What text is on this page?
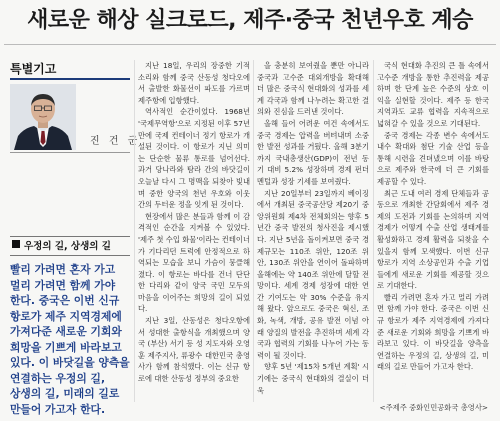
새로운 해상 실크로드, 제주·중국 천년우호 계승
특별기고
진 건 군
우정의 길, 상생의 길
빨리 가려면 혼자 가고 멀리 가려면 함께 가야 한다. 중국은 이번 신규 항로가 제주 지역경제에 가져다준 새로운 기회와 희망을 기쁘게 바라보고 있다. 이 바닷길을 양측을 연결하는 우정의 길, 상생의 길, 미래의 길로 만들어 가고자 한다.

지난 18일, 우리의 장중한 기적 소리와 함께 중국 산동성 청다오에서 출발한 화물선이 파도를 가르며 제주항에 입항했다.

역사적인 순간이었다. 1968년 '국제무역항'으로 지정된 이후 57년 만에 국제 컨테이너 정기 항로가 개설된 것이다. 이 항로가 지닌 의미는 단순한 물류 통로를 넘어선다. 과거 당나라와 탐라 간의 바닷길이 오늘날 다시 그 명맥을 되찾아 빛내며 중한 양국의 천년 우호와 이웃 간의 두터운 정을 잇게 된 것이다.

현장에서 많은 분들과 함께 이 감격적인 순간을 지켜볼 수 있었다. '제주 첫 수입 화물'이라는 컨테이너가 기다리던 트럭에 안정적으로 하역되는 모습을 보니 가슴이 뭉클해졌다. 이 항로는 바다를 건너 단단한 다리와 같이 양국 국민 모두의 마음을 이어주는 희망의 길이 되었다.

지난 3일, 산동성은 청다오항에서 성대한 출항식을 개최했으며 양국 (부산) 서기 등 성 지도자와 오영훈 제주지사, 류광수 대한민국 총영사가 함께 참석했다. 이는 신규 항로에 대한 산동성 정부의 중요한

을 충분히 보여줬을 뿐만 아니라 중국과 고수준 대외개방을 확대해 더 많은 중국식 현대화의 성과를 세계 각국과 함께 나누려는 확고한 결의와 진심을 드러낸 것이다.

올해 들어 어려운 여건 속에서도 중국 경제는 압력을 버텨내며 소중한 발전 성과를 거뒀다. 올해 3분기까지 국내총생산(GDP)이 전년 동기 대비 5.2% 성장하며 경제 펀더멘털과 성장 기세를 보여줬다.

지난 20일부터 23일까지 베이징에서 개최된 중국공산당 제20기 중앙위원회 제4차 전체회의는 향후 5년간 중국 발전의 청사진을 제시했다. 지난 5년을 돌이켜보면 중국 경제규모는 110조 위안, 120조 위안, 130조 위안을 연이어 돌파하며 올해에는 약 140조 위안에 달할 전망이다. 세계 경제 성장에 대한 연간 기여도는 약 30% 수준을 유지해 왔다. 앞으로도 중국은 혁신, 조화, 녹색, 개방, 공유 발전 이념 아래 양질의 발전을 추진하며 세계 각국과 협력의 기회를 나누어 가는 동력이 될 것이다.

향후 5년 '제15차 5개년 계획' 시기에는 중국식 현대화의 결실이 더욱

국식 현대화 추진의 큰 틀 속에서 고수준 개방을 통한 추진력을 제공하며 한 단계 높은 수준의 상호 이익을 실현할 것이다. 제주 등 한국 지역과도 교류 협력을 지속적으로 넓혀갈 수 있을 것으로 기대된다.

중국 경제는 각종 변수 속에서도 내수 확대와 첨단 기술 산업 등을 통해 시련을 견뎌냈으며 이를 바탕으로 제주와 한국에 더 큰 기회를 제공할 수 있다.

최근 도내 여러 경제 단체들과 공동으로 개최한 간담회에서 제주 경제의 도전과 기회를 논의하며 지역경제가 어떻게 수출 산업 생태계를 활성화하고 경제 활력을 되찾을 수 있을지 함께 모색했다. 이번 신규 항로가 지역 소상공인과 수출 기업들에게 새로운 기회를 제공할 것으로 기대한다.

빨리 가려면 혼자 가고 멀리 가려면 함께 가야 한다. 중국은 이번 신규 항로가 제주 지역경제에 가져다준 새로운 기회와 희망을 기쁘게 바라보고 있다. 이 바닷길을 양측을 연결하는 우정의 길, 상생의 길, 미래의 길로 만들어 가고자 한다.

<주제주 중화인민공화국 총영사>
